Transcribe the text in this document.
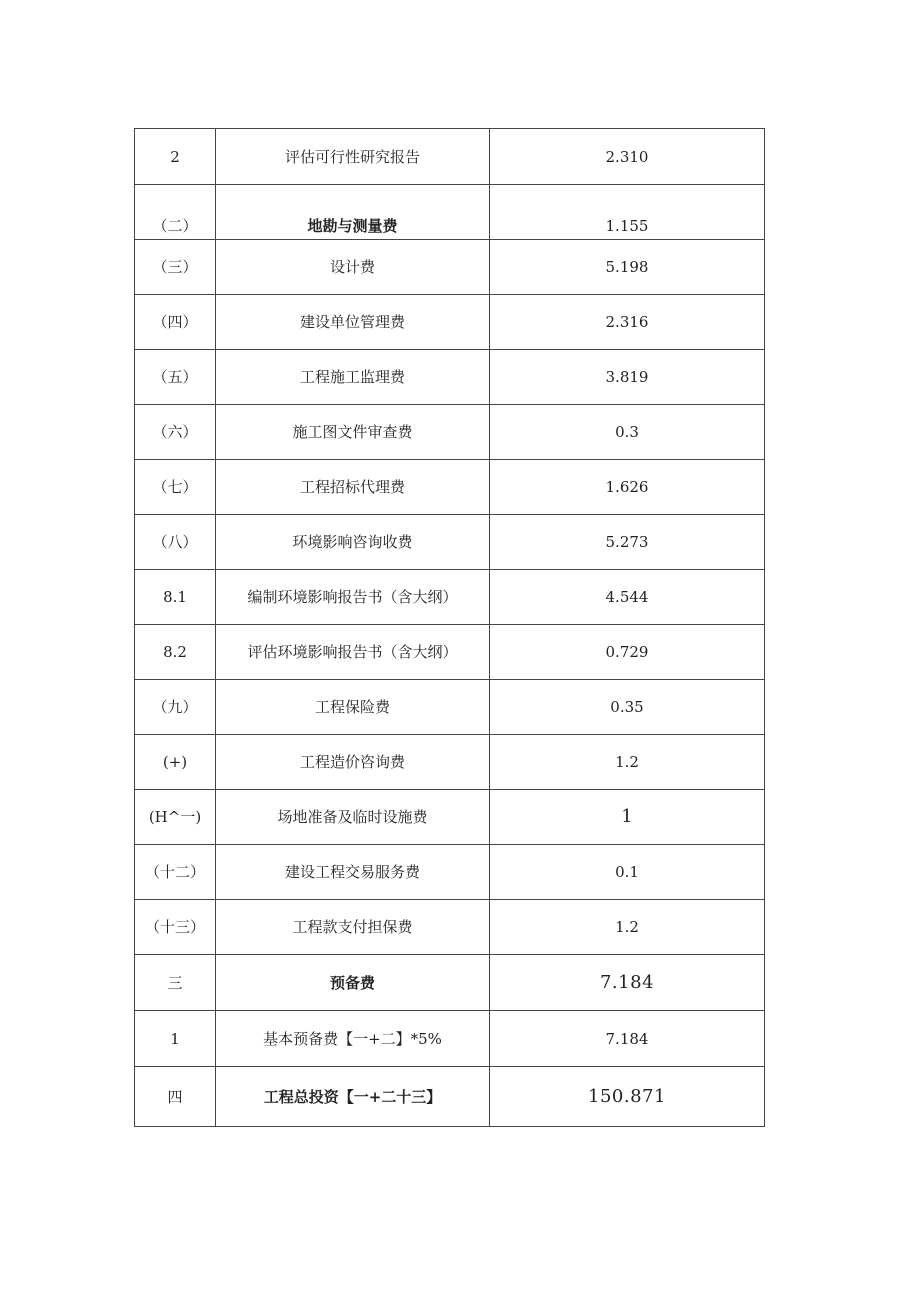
2	评估可行性研究报告	2.310
（二）	地勘与测量费	1.155
（三）	设计费	5.198
（四）	建设单位管理费	2.316
（五）	工程施工监理费	3.819
（六）	施工图文件审查费	0.3
（七）	工程招标代理费	1.626
（八）	环境影响咨询收费	5.273
8.1	编制环境影响报告书（含大纲）	4.544
8.2	评估环境影响报告书（含大纲）	0.729
（九）	工程保险费	0.35
(+)	工程造价咨询费	1.2
(H^一)	场地准备及临时设施费	1
（十二）	建设工程交易服务费	0.1
（十三）	工程款支付担保费	1.2
三	预备费	7.184
1	基本预备费【一+二】*5%	7.184
四	工程总投资【一+二十三】	150.871
